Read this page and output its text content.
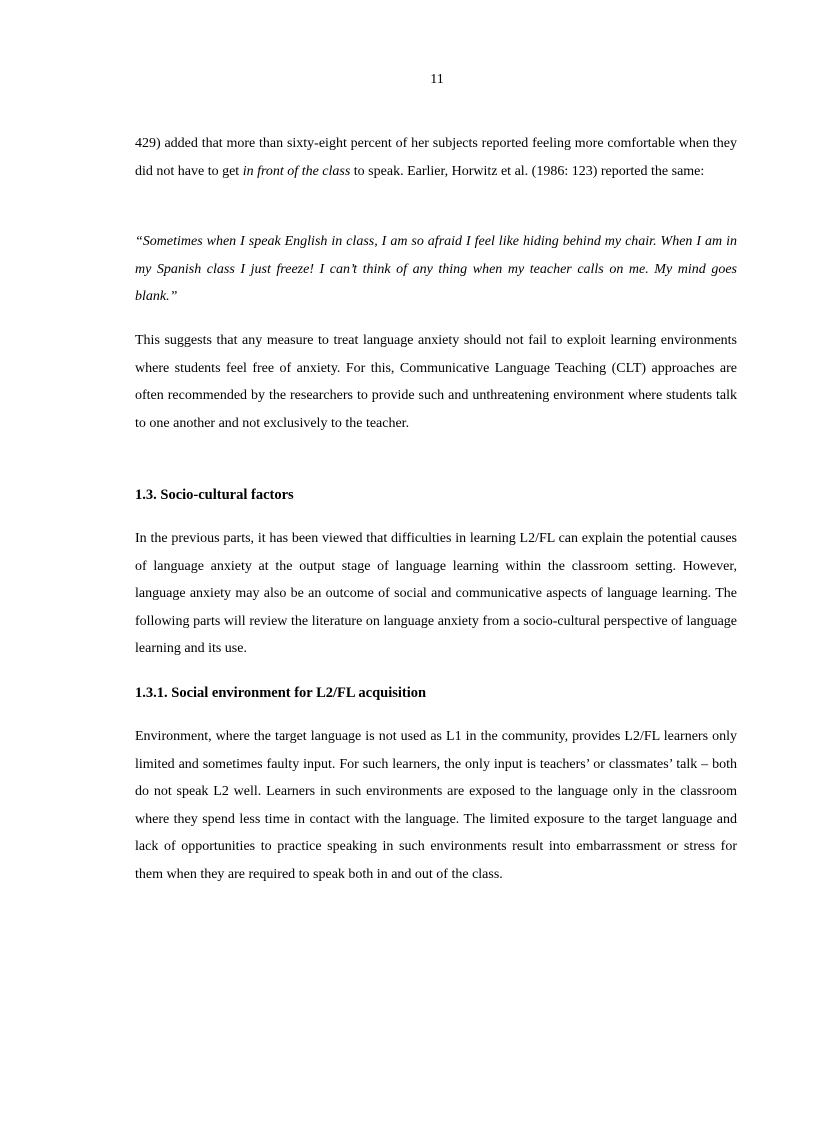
11
429) added that more than sixty-eight percent of her subjects reported feeling more comfortable when they did not have to get in front of the class to speak. Earlier, Horwitz et al. (1986: 123) reported the same:
“Sometimes when I speak English in class, I am so afraid I feel like hiding behind my chair. When I am in my Spanish class I just freeze! I can’t think of any thing when my teacher calls on me. My mind goes blank.”
This suggests that any measure to treat language anxiety should not fail to exploit learning environments where students feel free of anxiety. For this, Communicative Language Teaching (CLT) approaches are often recommended by the researchers to provide such and unthreatening environment where students talk to one another and not exclusively to the teacher.
1.3. Socio-cultural factors
In the previous parts, it has been viewed that difficulties in learning L2/FL can explain the potential causes of language anxiety at the output stage of language learning within the classroom setting. However, language anxiety may also be an outcome of social and communicative aspects of language learning. The following parts will review the literature on language anxiety from a socio-cultural perspective of language learning and its use.
1.3.1. Social environment for L2/FL acquisition
Environment, where the target language is not used as L1 in the community, provides L2/FL learners only limited and sometimes faulty input. For such learners, the only input is teachers’ or classmates’ talk – both do not speak L2 well. Learners in such environments are exposed to the language only in the classroom where they spend less time in contact with the language. The limited exposure to the target language and lack of opportunities to practice speaking in such environments result into embarrassment or stress for them when they are required to speak both in and out of the class.
